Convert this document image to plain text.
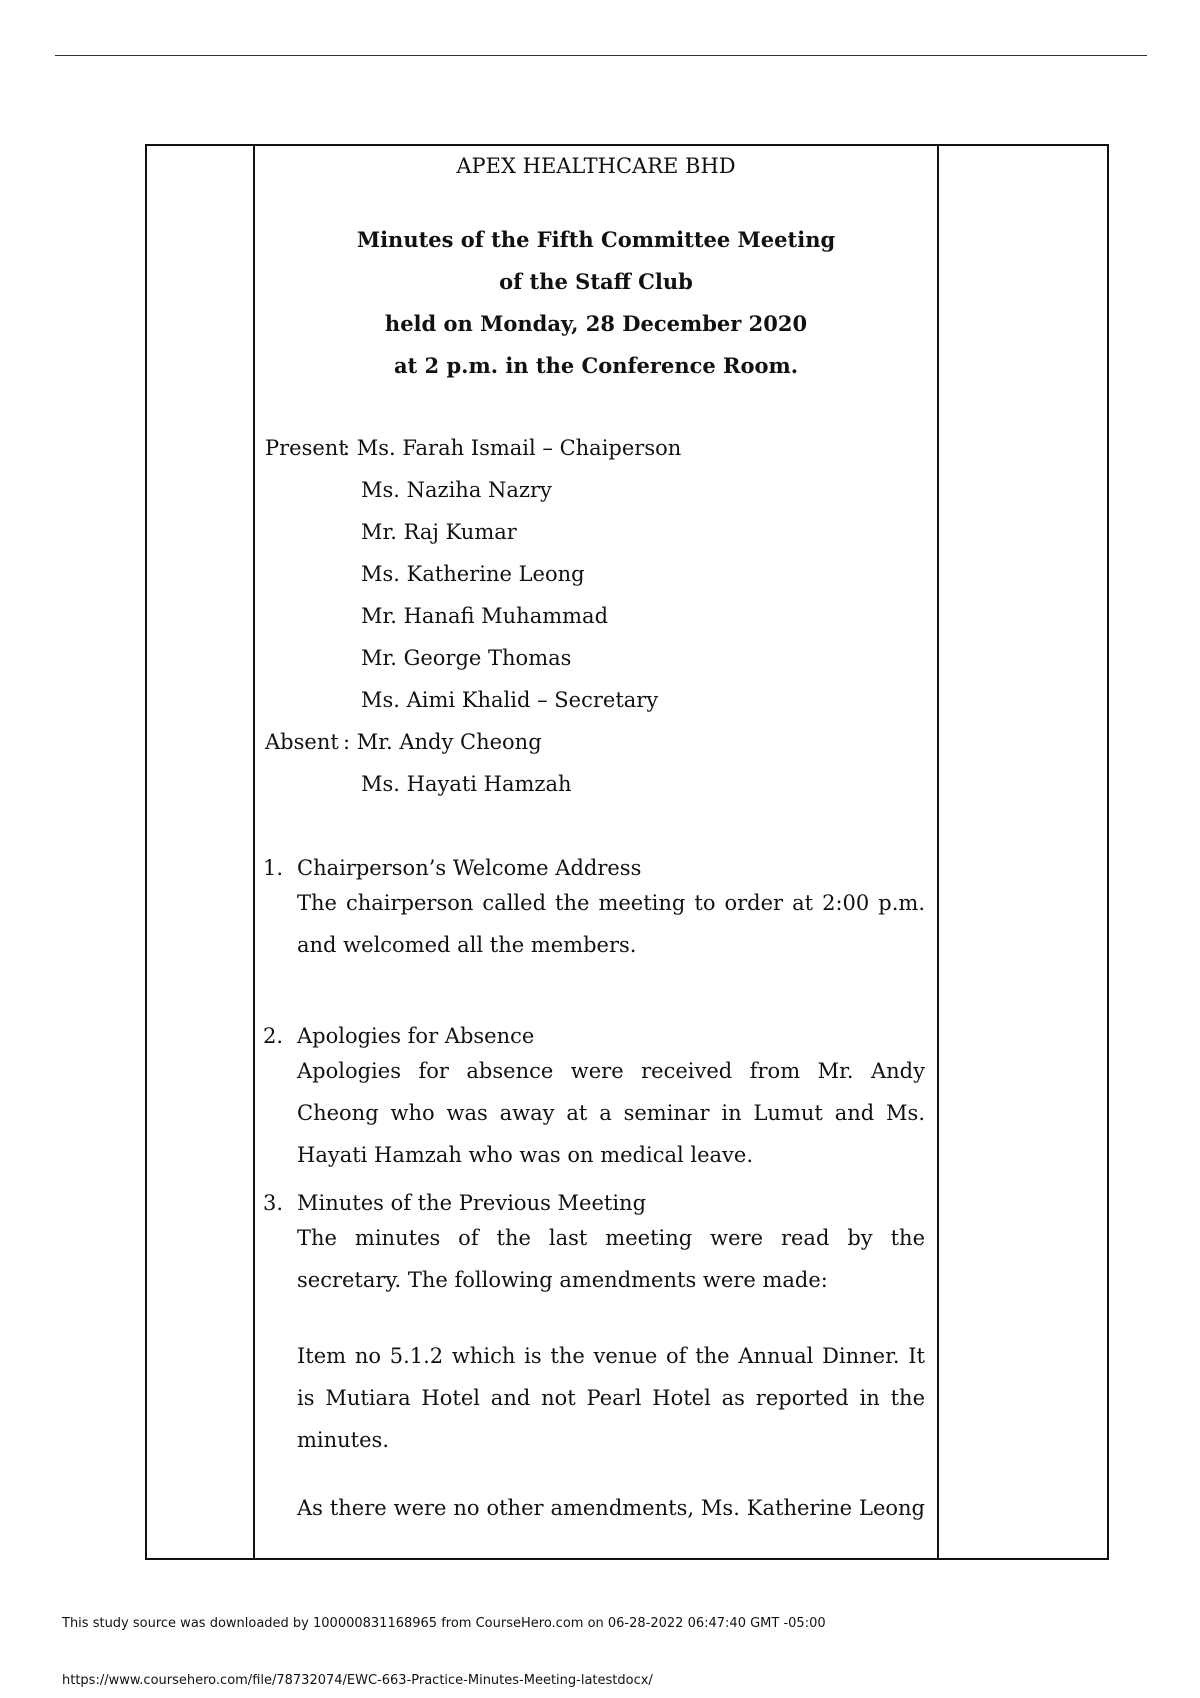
APEX HEALTHCARE BHD
Minutes of the Fifth Committee Meeting
of the Staff Club
held on Monday, 28 December 2020
at 2 p.m. in the Conference Room.
Present
: Ms. Farah Ismail – Chaiperson
Ms. Naziha Nazry
Mr. Raj Kumar
Ms. Katherine Leong
Mr. Hanafi Muhammad
Mr. George Thomas
Ms. Aimi Khalid – Secretary
Absent : Mr. Andy Cheong
Ms. Hayati Hamzah
1. Chairperson’s Welcome Address
The chairperson called the meeting to order at 2:00 p.m. and welcomed all the members.
2. Apologies for Absence
Apologies for absence were received from Mr. Andy Cheong who was away at a seminar in Lumut and Ms. Hayati Hamzah who was on medical leave.
3. Minutes of the Previous Meeting
The minutes of the last meeting were read by the secretary. The following amendments were made:
Item no 5.1.2 which is the venue of the Annual Dinner. It is Mutiara Hotel and not Pearl Hotel as reported in the minutes.
As there were no other amendments, Ms. Katherine Leong
This study source was downloaded by 100000831168965 from CourseHero.com on 06-28-2022 06:47:40 GMT -05:00
https://www.coursehero.com/file/78732074/EWC-663-Practice-Minutes-Meeting-latestdocx/
